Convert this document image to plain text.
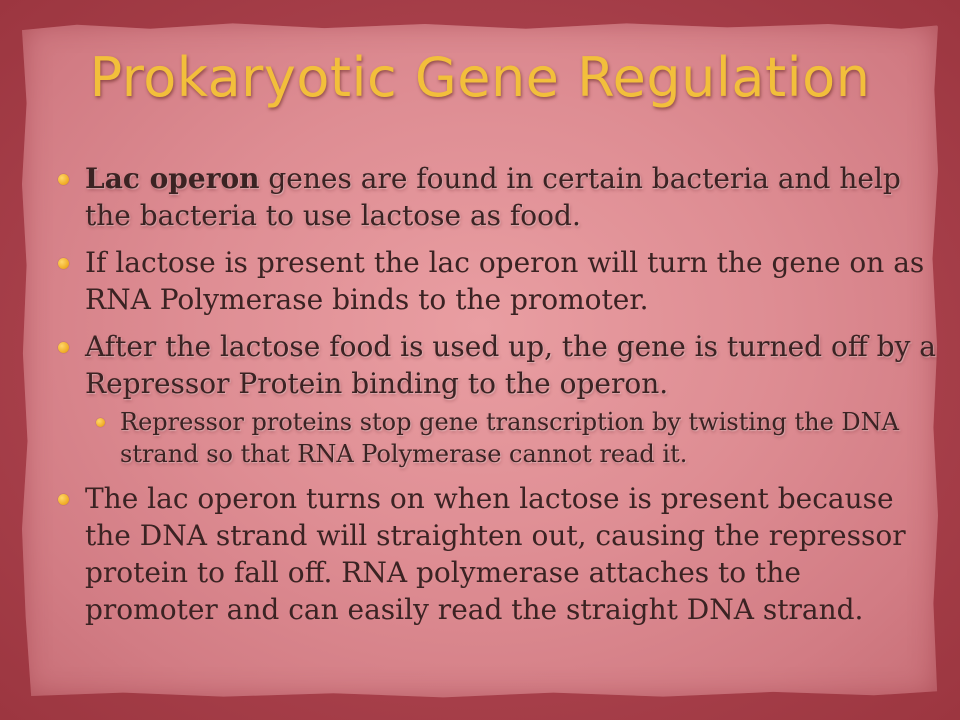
Prokaryotic Gene Regulation
Lac operon genes are found in certain bacteria and help the bacteria to use lactose as food.
If lactose is present the lac operon will turn the gene on as RNA Polymerase binds to the promoter.
After the lactose food is used up, the gene is turned off by a Repressor Protein binding to the operon.
Repressor proteins stop gene transcription by twisting the DNA strand so that RNA Polymerase cannot read it.
The lac operon turns on when lactose is present because the DNA strand will straighten out, causing the repressor protein to fall off. RNA polymerase attaches to the promoter and can easily read the straight DNA strand.
